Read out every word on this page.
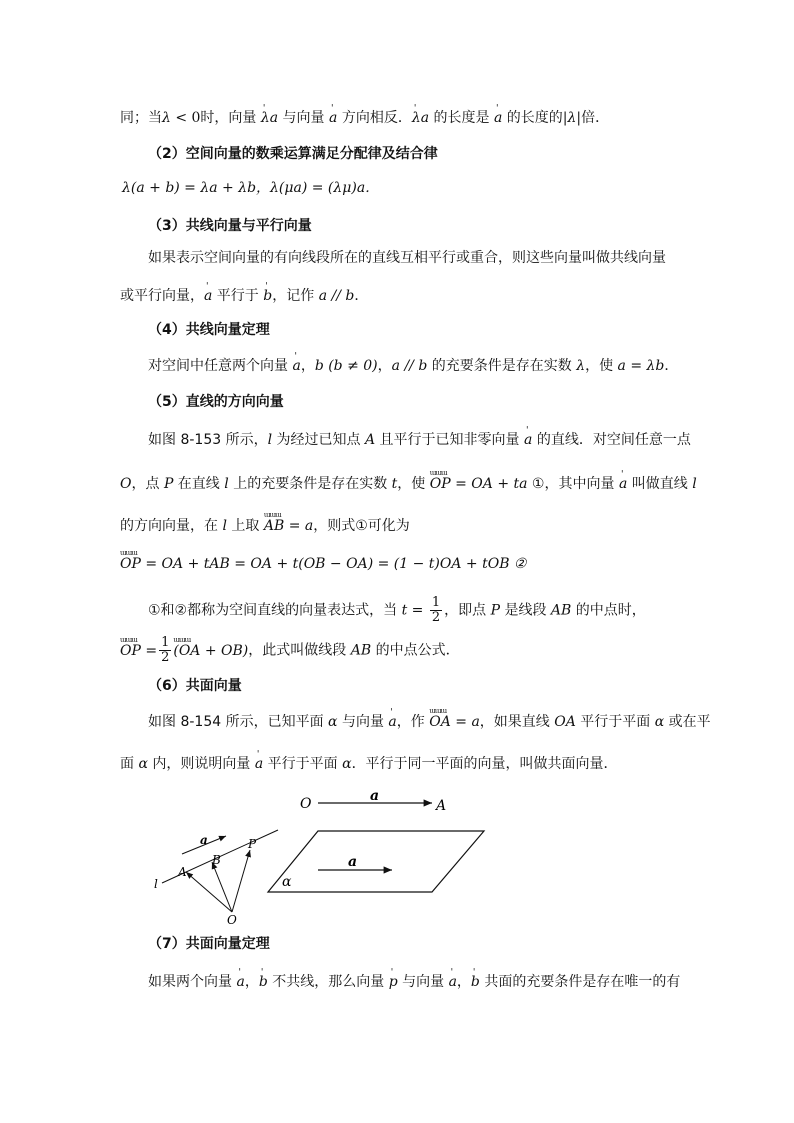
同；当λ < 0时，向量 ' λa 与向量 ' a 方向相反．' λa 的长度是 ' a 的长度的|λ|倍．
（2）空间向量的数乘运算满足分配律及结合律
λ(a + b) = λa + λb，λ(μa) = (λμ)a．
（3）共线向量与平行向量
如果表示空间向量的有向线段所在的直线互相平行或重合，则这些向量叫做共线向量
或平行向量，' a 平行于 ' b，记作 a // b．
（4）共线向量定理
对空间中任意两个向量 ' a，b (b ≠ 0)，a // b 的充要条件是存在实数 λ，使 a = λb．
（5）直线的方向向量
如图 8-153 所示，l 为经过已知点 A 且平行于已知非零向量 ' a 的直线．对空间任意一点
O，点 P 在直线 l 上的充要条件是存在实数 t，使 ɯɯɯ OP = OA + ta ①，其中向量 ' a 叫做直线 l
的方向向量，在 l 上取 ɯɯɯ AB = a，则式①可化为
ɯɯɯ OP = OA + tAB = OA + t(OB − OA) = (1 − t)OA + tOB ②
①和②都称为空间直线的向量表达式，当 $t = \frac{1}{2}$ ，即点 P 是线段 AB 的中点时，
ɯɯɯ OP = $\frac{1}{2}$
ɯɯɯ (OA + OB)，此式叫做线段 AB 的中点公式．
（6）共面向量
如图 8-154 所示，已知平面 α 与向量 ' a，作 ɯɯɯ OA = a，如果直线 OA 平行于平面 α 或在平
面 α 内，则说明向量 ' a 平行于平面 α．平行于同一平面的向量，叫做共面向量．
O	a
A
a
A
B
P
l
O
a
α
（7）共面向量定理
如果两个向量 ' a，' b 不共线，那么向量 ' p 与向量 ' a，' b 共面的充要条件是存在唯一的有
